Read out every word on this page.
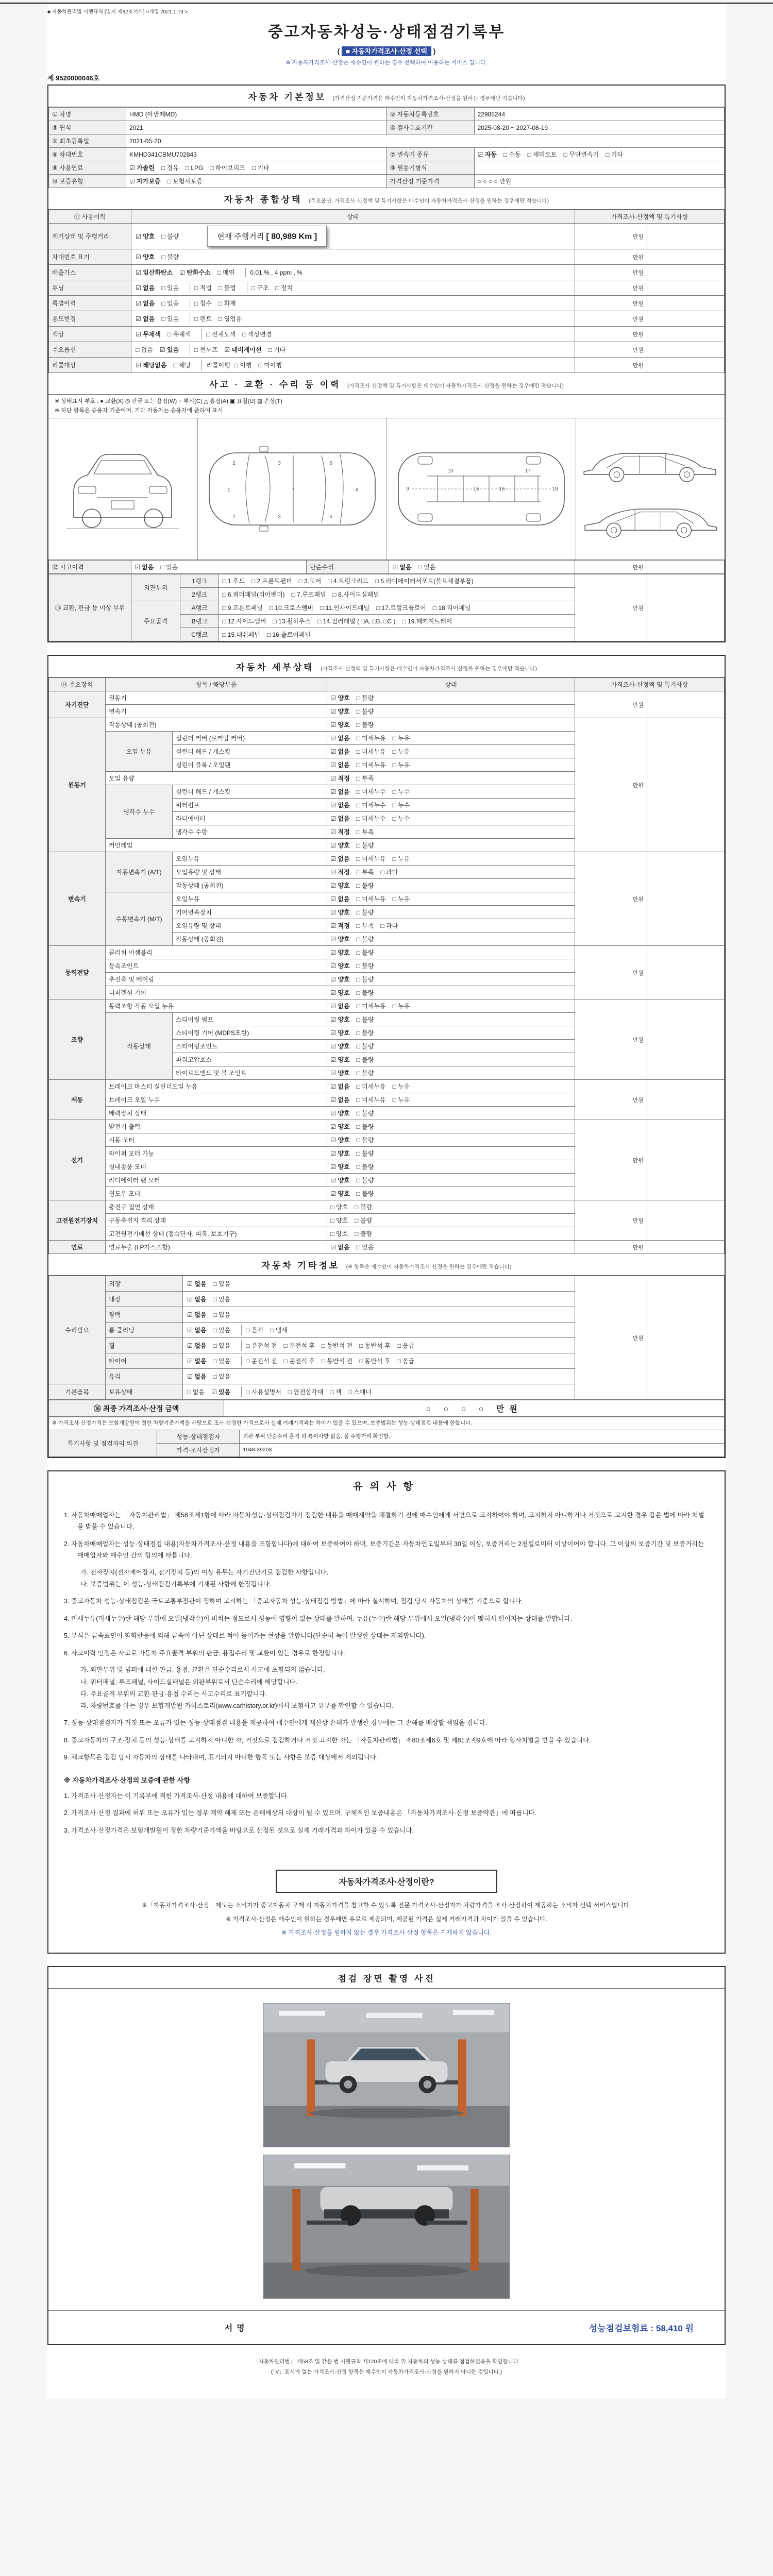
■ 자동차관리법 시행규칙 [별지 제82호서식] <개정 2021.1.19.>
중고자동차성능·상태점검기록부
( ■ 자동차가격조사·산정 선택 )
※ 자동차가격조사·산정은 매수인이 원하는 경우 선택하여 이용하는 서비스 입니다.
제 9520000046호
자동차 기본정보 (가격산정 기준가격은 매수인이 자동차가격조사·산정을 원하는 경우에만 적습니다)
① 차명	HMD (아반떼MD)	② 자동차등록번호	22985244
③ 연식	2021	④ 검사유효기간	2025-08-20 ~ 2027-08-19
⑤ 최초등록일	2021-05-20		
⑥ 차대번호	KMHD341CBMU702843	⑦ 변속기 종류	☑ 자동 □ 수동 □ 세미오토 □ 무단변속기 □ 기타
⑧ 사용연료	☑ 가솔린 □ 경유 □ LPG □ 하이브리드 □ 기타	⑨ 원동기형식	
⑩ 보증유형	☑ 자가보증 □ 보험사보증	가격산정 기준가격	○ ○ ○ ○ 만원
자동차 종합상태 (주요옵션, 가격조사·산정액 및 특기사항은 매수인이 자동차가격조사·산정을 원하는 경우에만 적습니다)
⑪ 사용이력	상태	가격조사·산정액 및 특기사항	
계기상태 및 주행거리	☑ 양호 □ 불량 현재 주행거리 [ 80,989 Km ]	만원	
차대번호 표기	☑ 양호 □ 불량	만원	
배출가스	☑ 일산화탄소 ☑ 탄화수소 □ 매연 0.01 % , 4 ppm , %	만원	
튜닝	☑ 없음 □ 있음 □ 적법 □ 불법 □ 구조 □ 장치	만원	
특별이력	☑ 없음 □ 있음 □ 침수 □ 화재	만원	
용도변경	☑ 없음 □ 있음 □ 렌트 □ 영업용	만원	
색상	☑ 무채색 □ 유채색 □ 전체도색 □ 색상변경	만원	
주요옵션	□ 없음 ☑ 있음 □ 썬루프 ☑ 네비게이션 □ 기타	만원	
리콜대상	☑ 해당없음 □ 해당 리콜이행 □ 이행 □ 미이행	만원	
사고 · 교환 · 수리 등 이력 (가격조사·산정액 및 특기사항은 매수인이 자동차가격조사·산정을 원하는 경우에만 적습니다)
※ 상태표시 부호 : ● 교환(X) ◎ 판금 또는 용접(W) ○ 부식(C) △ 흠집(A) ▣ 요철(U) ▨ 손상(T)
※ 하단 항목은 승용차 기준이며, 기타 자동차는 승용차에 준하여 표시
1
2
2
3
3
6
6
7	4	9
10
15	16
17
18
⑫ 사고이력	☑ 없음 □ 있음	단순수리	☑ 없음 □ 있음	만원	
⑬ 교환, 판금 등 이상 부위	외판부위	1랭크	□ 1.후드 □ 2.프론트펜더 □ 3.도어 □ 4.트렁크리드 □ 5.라디에이터서포트(볼트체결부품)	만원	
		2랭크	□ 6.쿼터패널(리어펜더) □ 7.루프패널 □ 8.사이드실패널		
	주요골격	A랭크	□ 9.프론트패널 □ 10.크로스멤버 □ 11.인사이드패널 □ 17.트렁크플로어 □ 18.리어패널		
		B랭크	□ 12.사이드멤버 □ 13.휠하우스 □ 14.필러패널 ( □A, □B, □C ) □ 19.패키지트레이		
		C랭크	□ 15.대쉬패널 □ 16.플로어패널		
자동차 세부상태 (가격조사·산정액 및 특기사항은 매수인이 자동차가격조사·산정을 원하는 경우에만 적습니다)
⑭ 주요장치	항목 / 해당부품		상태	가격조사·산정액 및 특기사항	
자기진단	원동기		☑ 양호 □ 불량	만원	
	변속기		☑ 양호 □ 불량		
원동기	작동상태 (공회전)		☑ 양호 □ 불량	만원	
	오일 누유	실린더 커버 (로커암 커버)	☑ 없음 □ 미세누유 □ 누유		
		실린더 헤드 / 개스킷	☑ 없음 □ 미세누유 □ 누유		
		실린더 블록 / 오일팬	☑ 없음 □ 미세누유 □ 누유		
	오일 유량		☑ 적정 □ 부족		
	냉각수 누수	실린더 헤드 / 개스킷	☑ 없음 □ 미세누수 □ 누수		
		워터펌프	☑ 없음 □ 미세누수 □ 누수		
		라디에이터	☑ 없음 □ 미세누수 □ 누수		
		냉각수 수량	☑ 적정 □ 부족		
	커먼레일		☑ 양호 □ 불량		
변속기	자동변속기 (A/T)	오일누유	☑ 없음 □ 미세누유 □ 누유	만원	
		오일유량 및 상태	☑ 적정 □ 부족 □ 과다		
		작동상태 (공회전)	☑ 양호 □ 불량		
	수동변속기 (M/T)	오일누유	☑ 없음 □ 미세누유 □ 누유		
		기어변속장치	☑ 양호 □ 불량		
		오일유량 및 상태	☑ 적정 □ 부족 □ 과다		
		작동상태 (공회전)	☑ 양호 □ 불량		
동력전달	클러치 어셈블리		☑ 양호 □ 불량	만원	
	등속조인트		☑ 양호 □ 불량		
	추진축 및 베어링		☑ 양호 □ 불량		
	디퍼렌셜 기어		☑ 양호 □ 불량		
조향	동력조향 작동 오일 누유		☑ 없음 □ 미세누유 □ 누유	만원	
	작동상태	스티어링 펌프	☑ 양호 □ 불량		
		스티어링 기어 (MDPS포함)	☑ 양호 □ 불량		
		스티어링조인트	☑ 양호 □ 불량		
		파워고압호스	☑ 양호 □ 불량		
		타이로드엔드 및 볼 조인트	☑ 양호 □ 불량		
제동	브레이크 마스터 실린더오일 누유		☑ 없음 □ 미세누유 □ 누유	만원	
	브레이크 오일 누유		☑ 없음 □ 미세누유 □ 누유		
	배력장치 상태		☑ 양호 □ 불량		
전기	발전기 출력		☑ 양호 □ 불량	만원	
	시동 모터		☑ 양호 □ 불량		
	와이퍼 모터 기능		☑ 양호 □ 불량		
	실내송풍 모터		☑ 양호 □ 불량		
	라디에이터 팬 모터		☑ 양호 □ 불량		
	윈도우 모터		☑ 양호 □ 불량		
고전원전기장치	충전구 절연 상태		□ 양호 □ 불량	만원	
	구동축전지 격리 상태		□ 양호 □ 불량		
	고전원전기배선 상태 (접속단자, 피복, 보호기구)		□ 양호 □ 불량		
연료	연료누출 (LP가스포함)		☑ 없음 □ 있음	만원	
자동차 기타정보 (※ 항목은 매수인이 자동차가격조사·산정을 원하는 경우에만 적습니다)
수리필요	외장	☑ 없음 □ 있음	만원	
	내장	☑ 없음 □ 있음		

	광택	☑ 없음 □ 있음		

	룸 클리닝	☑ 없음 □ 있음 □ 흔적 □ 냄새		

	휠	☑ 없음 □ 있음 □ 운전석 전 □ 운전석 후 □ 동반석 전 □ 동반석 후 □ 응급		

	타이어	☑ 없음 □ 있음 □ 운전석 전 □ 운전석 후 □ 동반석 전 □ 동반석 후 □ 응급		

	유리	☑ 없음 □ 있음		

기본품목	보유상태	□ 없음 ☑ 있음 □ 사용설명서 □ 안전삼각대 □ 잭 □ 스패너		
⑯ 최종 가격조사·산정 금액	○ ○ ○ ○ 만원
※ 가격조사·산정가격은 보험개발원이 정한 차량기준가액을 바탕으로 조사·산정한 가격으로서 실제 거래가격과는 차이가 있을 수 있으며, 보증범위는 성능·상태점검 내용에 한합니다.		
특기사항 및 점검자의 의견	성능·상태점검자	외판 부위 단순수리 흔적 외 특이사항 없음. 실 주행거리 확인함.
	가격·조사산정자	1948-39203
유의사항

1. 자동차매매업자는 「자동차관리법」 제58조제1항에 따라 자동차성능·상태점검자가 점검한 내용을 매매계약을 체결하기 전에 매수인에게 서면으로 고지하여야 하며, 고지하지 아니하거나 거짓으로 고지한 경우 같은 법에 따라 처벌을 받을 수 있습니다.

2. 자동차매매업자는 성능·상태점검 내용(자동차가격조사·산정 내용을 포함합니다)에 대하여 보증하여야 하며, 보증기간은 자동차인도일부터 30일 이상, 보증거리는 2천킬로미터 이상이어야 합니다. 그 이상의 보증기간 및 보증거리는 매매업자와 매수인 간의 합의에 따릅니다.

가. 전자장치(전자제어장치, 전기장치 등)의 이상 유무는 자기진단기로 점검한 사항입니다.

나. 보증범위는 이 성능·상태점검기록부에 기재된 사항에 한정됩니다.

3. 중고자동차 성능·상태점검은 국토교통부장관이 정하여 고시하는 「중고자동차 성능·상태점검 방법」에 따라 실시하며, 점검 당시 자동차의 상태를 기준으로 합니다.

4. 미세누유(미세누수)란 해당 부위에 오일(냉각수)이 비치는 정도로서 성능에 영향이 없는 상태를 말하며, 누유(누수)란 해당 부위에서 오일(냉각수)이 맺혀서 떨어지는 상태를 말합니다.

5. 부식은 금속표면이 화학반응에 의해 금속이 아닌 상태로 썩어 들어가는 현상을 말합니다(단순히 녹이 발생한 상태는 제외합니다).

6. 사고이력 인정은 사고로 자동차 주요골격 부위의 판금, 용접수리 및 교환이 있는 경우로 한정합니다.

가. 외판부위 및 범퍼에 대한 판금, 용접, 교환은 단순수리로서 사고에 포함되지 않습니다.

나. 쿼터패널, 루프패널, 사이드실패널은 외판부위로서 단순수리에 해당합니다.

다. 주요골격 부위의 교환·판금·용접 수리는 사고수리로 표기합니다.

라. 차량번호를 아는 경우 보험개발원 카히스토리(www.carhistory.or.kr)에서 보험사고 유무를 확인할 수 있습니다.

7. 성능·상태점검자가 거짓 또는 오류가 있는 성능·상태점검 내용을 제공하여 매수인에게 재산상 손해가 발생한 경우에는 그 손해를 배상할 책임을 집니다.

8. 중고자동차의 구조·장치 등의 성능·상태를 고지하지 아니한 자, 거짓으로 점검하거나 거짓 고지한 자는 「자동차관리법」 제80조제6호 및 제81조제9호에 따라 형사처벌을 받을 수 있습니다.

9. 체크항목은 점검 당시 자동차의 상태를 나타내며, 표기되지 아니한 항목 또는 사항은 보증 대상에서 제외됩니다.

※ 자동차가격조사·산정의 보증에 관한 사항

1. 가격조사·산정자는 이 기록부에 적힌 가격조사·산정 내용에 대하여 보증합니다.

2. 가격조사·산정 결과에 허위 또는 오류가 있는 경우 계약 해제 또는 손해배상의 대상이 될 수 있으며, 구체적인 보증내용은 「자동차가격조사·산정 보증약관」에 따릅니다.

3. 가격조사·산정가격은 보험개발원이 정한 차량기준가액을 바탕으로 산정된 것으로 실제 거래가격과 차이가 있을 수 있습니다.

자동차가격조사·산정이란?

※「자동차가격조사·산정」제도는 소비자가 중고자동차 구매 시 자동차가격을 참고할 수 있도록 전문 가격조사·산정자가 차량가격을 조사·산정하여 제공하는 소비자 선택 서비스입니다.

※ 가격조사·산정은 매수인이 원하는 경우에만 유료로 제공되며, 제공된 가격은 실제 거래가격과 차이가 있을 수 있습니다.

※ 가격조사·산정을 원하지 않는 경우 가격조사·산정 항목은 기재하지 않습니다.

점검 장면 촬영 사진
서명	성능점검보험료 : 58,410 원
「자동차관리법」 제58조 및 같은 법 시행규칙 제120조에 따라 위 자동차의 성능·상태를 점검하였음을 확인합니다.
(「V」표시가 없는 가격조사·산정 항목은 매수인이 자동차가격조사·산정을 원하지 아니한 것입니다.)
